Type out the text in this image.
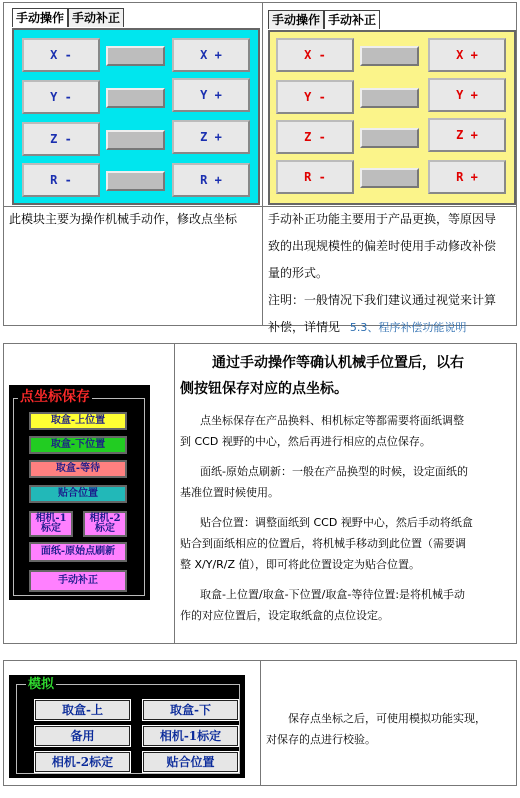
手动操作 手动补正
X -	X +
Y -	Y +
Z -	Z +
R -	R +
手动操作 手动补正
X -	X +
Y -	Y +
Z -	Z +
R -	R +
此模块主要为操作机械手动作，修改点坐标	手动补正功能主要用于产品更换，等原因导
致的出现规模性的偏差时使用手动修改补偿
量的形式。
注明：一般情况下我们建议通过视觉来计算
补偿，详情见 5.3、程序补偿功能说明
点坐标保存
取盒-上位置
取盒-下位置
取盒-等待
贴合位置
相机-1
标定
相机-2
标定
面纸-原始点刷新
手动补正
通过手动操作等确认机械手位置后，以右
侧按钮保存对应的点坐标。
点坐标保存在产品换料、相机标定等都需要将面纸调整
到 CCD 视野的中心，然后再进行相应的点位保存。
面纸-原始点刷新：一般在产品换型的时候，设定面纸的
基准位置时候使用。
贴合位置：调整面纸到 CCD 视野中心，然后手动将纸盒
贴合到面纸相应的位置后，将机械手移动到此位置（需要调
整 X/Y/R/Z 值），即可将此位置设定为贴合位置。
取盒-上位置/取盒-下位置/取盒-等待位置:是将机械手动
作的对应位置后，设定取纸盒的点位设定。
模拟
取盒-上	取盒-下
备用	相机-1标定
相机-2标定	贴合位置
保存点坐标之后，可使用模拟功能实现，
对保存的点进行校验。
